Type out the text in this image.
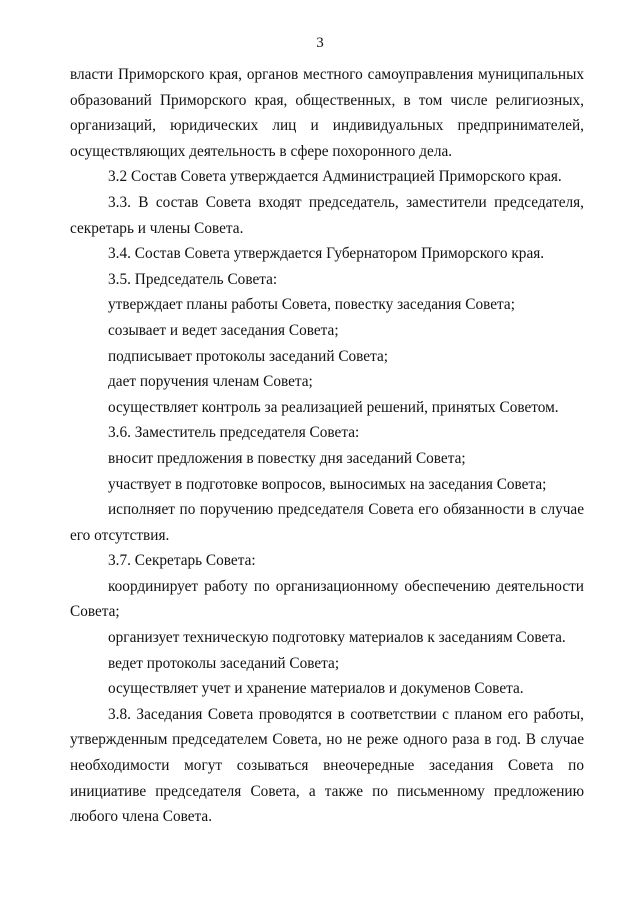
3

власти Приморского края, органов местного самоуправления муниципальных образований Приморского края, общественных, в том числе религиозных, организаций, юридических лиц и индивидуальных предпринимателей, осуществляющих деятельность в сфере похоронного дела.

3.2 Состав Совета утверждается Администрацией Приморского края.

3.3. В состав Совета входят председатель, заместители председателя, секретарь и члены Совета.

3.4. Состав Совета утверждается Губернатором Приморского края.

3.5. Председатель Совета:

утверждает планы работы Совета, повестку заседания Совета;

созывает и ведет заседания Совета;

подписывает протоколы заседаний Совета;

дает поручения членам Совета;

осуществляет контроль за реализацией решений, принятых Советом.

3.6. Заместитель председателя Совета:

вносит предложения в повестку дня заседаний Совета;

участвует в подготовке вопросов, выносимых на заседания Совета;

исполняет по поручению председателя Совета его обязанности в случае его отсутствия.

3.7. Секретарь Совета:

координирует работу по организационному обеспечению деятельности Совета;

организует техническую подготовку материалов к заседаниям Совета.

ведет протоколы заседаний Совета;

осуществляет учет и хранение материалов и докуменов Совета.

3.8. Заседания Совета проводятся в соответствии с планом его работы, утвержденным председателем Совета, но не реже одного раза в год. В случае необходимости могут созываться внеочередные заседания Совета по инициативе председателя Совета, а также по письменному предложению любого члена Совета.
